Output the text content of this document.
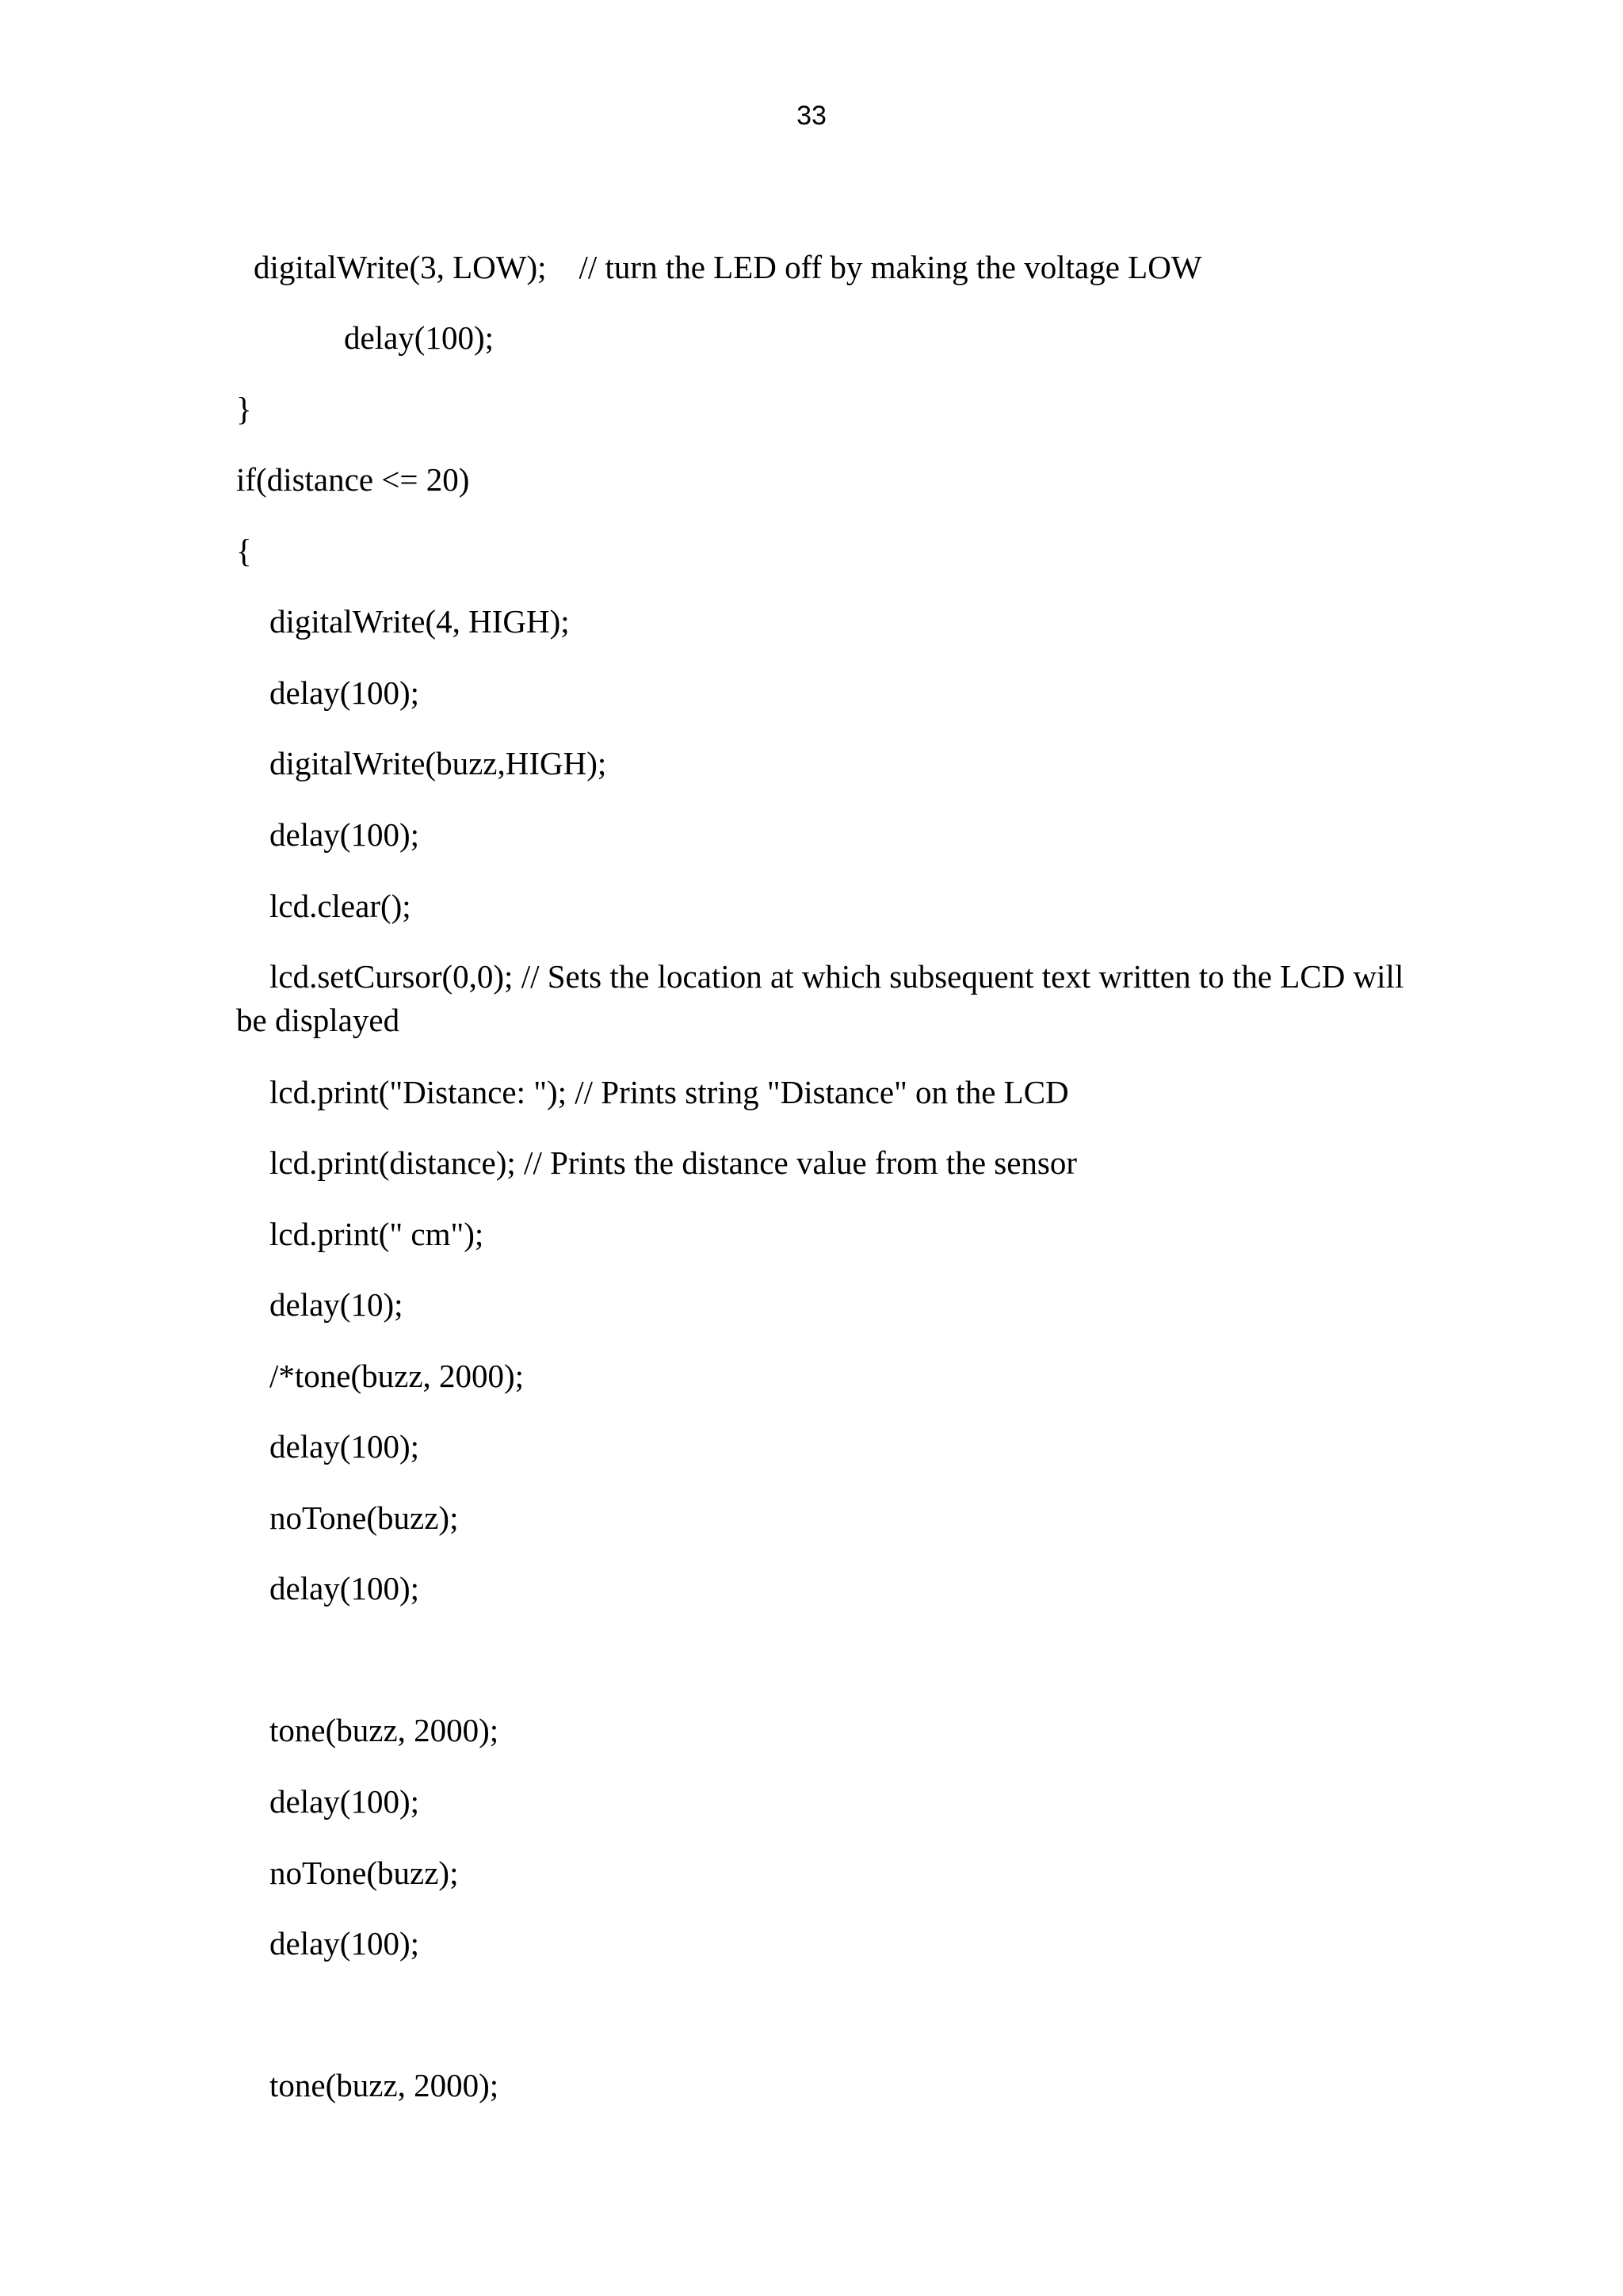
33
digitalWrite(3, LOW);    // turn the LED off by making the voltage LOW
delay(100);
}
if(distance <= 20)
{
digitalWrite(4, HIGH);
delay(100);
digitalWrite(buzz,HIGH);
delay(100);
lcd.clear();
lcd.setCursor(0,0); // Sets the location at which subsequent text written to the LCD will
be displayed
lcd.print("Distance: "); // Prints string "Distance" on the LCD
lcd.print(distance); // Prints the distance value from the sensor
lcd.print(" cm");
delay(10);
/*tone(buzz, 2000);
delay(100);
noTone(buzz);
delay(100);
tone(buzz, 2000);
delay(100);
noTone(buzz);
delay(100);
tone(buzz, 2000);
